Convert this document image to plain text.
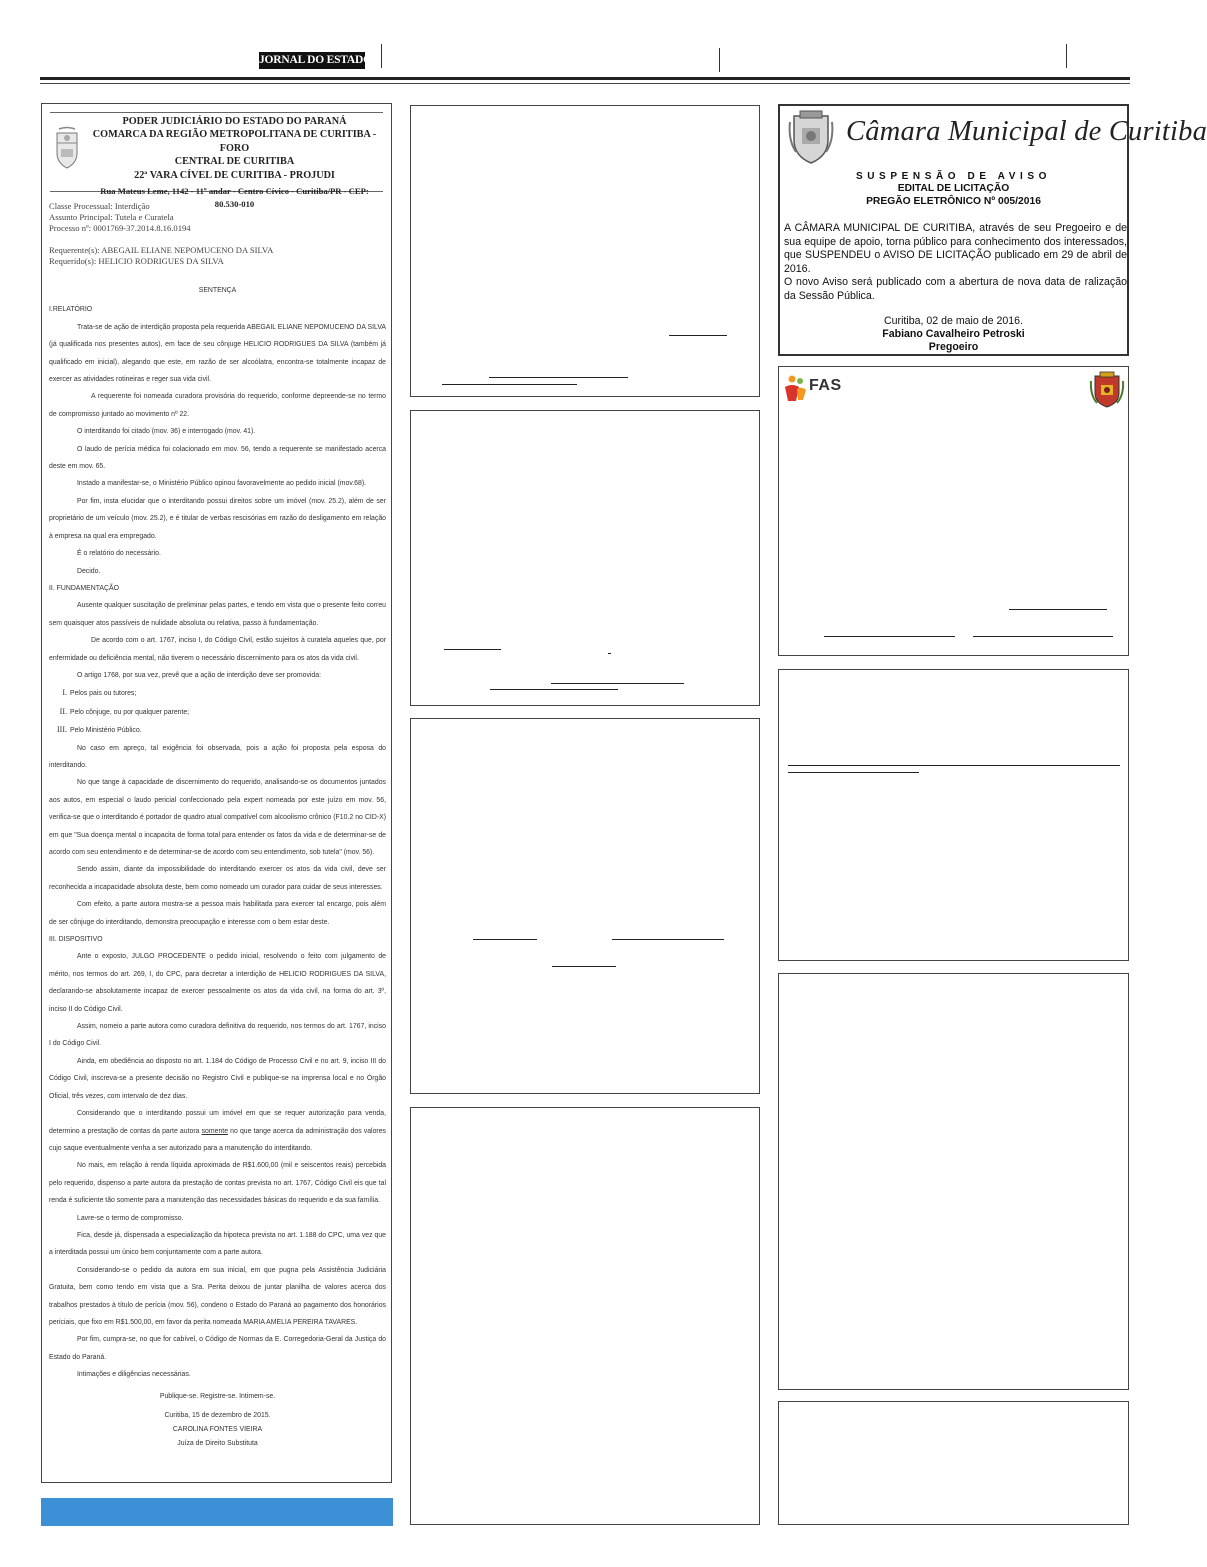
JORNAL DO ESTADO
PODER JUDICIÁRIO DO ESTADO DO PARANÁ
COMARCA DA REGIÃO METROPOLITANA DE CURITIBA - FORO
CENTRAL DE CURITIBA
22ª VARA CÍVEL DE CURITIBA - PROJUDI
Rua Mateus Leme, 1142 - 11º andar - Centro Cívico - Curitiba/PR - CEP: 80.530-010
Classe Processual: Interdição
Assunto Principal: Tutela e Curatela
Processo nº: 0001769-37.2014.8.16.0194
Requerente(s): ABEGAIL ELIANE NEPOMUCENO DA SILVA
Requerido(s): HELICIO RODRIGUES DA SILVA

SENTENÇA

I.RELATÓRIO

Trata-se de ação de interdição proposta pela requerida ABEGAIL ELIANE NEPOMUCENO DA SILVA (já qualificada nos presentes autos), em face de seu cônjuge HELICIO RODRIGUES DA SILVA (também já qualificado em inicial), alegando que este, em razão de ser alcoólatra, encontra-se totalmente incapaz de exercer as atividades rotineiras e reger sua vida civil.

A requerente foi nomeada curadora provisória do requerido, conforme depreende-se no termo de compromisso juntado ao movimento nº 22.

O interditando foi citado (mov. 36) e interrogado (mov. 41).

O laudo de perícia médica foi colacionado em mov. 56, tendo a requerente se manifestado acerca deste em mov. 65.

Instado a manifestar-se, o Ministério Público opinou favoravelmente ao pedido inicial (mov.68).

Por fim, insta elucidar que o interditando possui direitos sobre um imóvel (mov. 25.2), além de ser proprietário de um veículo (mov. 25.2), e é titular de verbas rescisórias em razão do desligamento em relação à empresa na qual era empregado.

É o relatório do necessário.

Decido.

II. FUNDAMENTAÇÃO

Ausente qualquer suscitação de preliminar pelas partes, e tendo em vista que o presente feito correu sem quaisquer atos passíveis de nulidade absoluta ou relativa, passo à fundamentação.

De acordo com o art. 1767, inciso I, do Código Civil, estão sujeitos à curatela aqueles que, por enfermidade ou deficiência mental, não tiverem o necessário discernimento para os atos da vida civil.

O artigo 1768, por sua vez, prevê que a ação de interdição deve ser promovida:

I. Pelos pais ou tutores;

II. Pelo cônjuge, ou por qualquer parente;

III. Pelo Ministério Público.

No caso em apreço, tal exigência foi observada, pois a ação foi proposta pela esposa do interditando.

No que tange à capacidade de discernimento do requerido, analisando-se os documentos juntados aos autos, em especial o laudo pericial confeccionado pela expert nomeada por este juízo em mov. 56, verifica-se que o interditando é portador de quadro atual compatível com alcoolismo crônico (F10.2 no CID-X) em que "Sua doença mental o incapacita de forma total para entender os fatos da vida e de determinar-se de acordo com seu entendimento e de determinar-se de acordo com seu entendimento, sob tutela" (mov. 56).

Sendo assim, diante da impossibilidade do interditando exercer os atos da vida civil, deve ser reconhecida a incapacidade absoluta deste, bem como nomeado um curador para cuidar de seus interesses.

Com efeito, a parte autora mostra-se a pessoa mais habilitada para exercer tal encargo, pois além de ser cônjuge do interditando, demonstra preocupação e interesse com o bem estar deste.

III. DISPOSITIVO

Ante o exposto, JULGO PROCEDENTE o pedido inicial, resolvendo o feito com julgamento de mérito, nos termos do art. 269, I, do CPC, para decretar a interdição de HELICIO RODRIGUES DA SILVA, declarando-se absolutamente incapaz de exercer pessoalmente os atos da vida civil, na forma do art. 3º, inciso II do Código Civil.

Assim, nomeio a parte autora como curadora definitiva do requerido, nos termos do art. 1767, inciso I do Código Civil.

Ainda, em obediência ao disposto no art. 1.184 do Código de Processo Civil e no art. 9, inciso III do Código Civil, inscreva-se a presente decisão no Registro Civil e publique-se na imprensa local e no Órgão Oficial, três vezes, com intervalo de dez dias.

Considerando que o interditando possui um imóvel em que se requer autorização para venda, determino a prestação de contas da parte autora somente no que tange acerca da administração dos valores cujo saque eventualmente venha a ser autorizado para a manutenção do interditando.

No mais, em relação à renda líquida aproximada de R$1.600,00 (mil e seiscentos reais) percebida pelo requerido, dispenso a parte autora da prestação de contas prevista no art. 1767, Código Civil eis que tal renda é suficiente tão somente para a manutenção das necessidades básicas do requerido e da sua família.

Lavre-se o termo de compromisso.

Fica, desde já, dispensada a especialização da hipoteca prevista no art. 1.188 do CPC, uma vez que a interditada possui um único bem conjuntamente com a parte autora.

Considerando-se o pedido da autora em sua inicial, em que pugna pela Assistência Judiciária Gratuita, bem como tendo em vista que a Sra. Perita deixou de juntar planilha de valores acerca dos trabalhos prestados à título de perícia (mov. 56), condeno o Estado do Paraná ao pagamento dos honorários periciais, que fixo em R$1.500,00, em favor da perita nomeada MARIA AMELIA PEREIRA TAVARES.

Por fim, cumpra-se, no que for cabível, o Código de Normas da E. Corregedoria-Geral da Justiça do Estado do Paraná.

Intimações e diligências necessárias.

Publique-se. Registre-se. Intimem-se.

Curitiba, 15 de dezembro de 2015.

CAROLINA FONTES VIEIRA

Juíza de Direito Substituta

Câmara Municipal de Curitiba
SUSPENSÃO DE AVISO
EDITAL DE LICITAÇÃO
PREGÃO ELETRÔNICO Nº 005/2016
A CÂMARA MUNICIPAL DE CURITIBA, através de seu Pregoeiro e de sua equipe de apoio, torna público para conhecimento dos interessados, que SUSPENDEU o AVISO DE LICITAÇÃO publicado em 29 de abril de 2016.
O novo Aviso será publicado com a abertura de nova data de ralização da Sessão Pública.
Curitiba, 02 de maio de 2016.
Fabiano Cavalheiro Petroski
Pregoeiro
FAS
